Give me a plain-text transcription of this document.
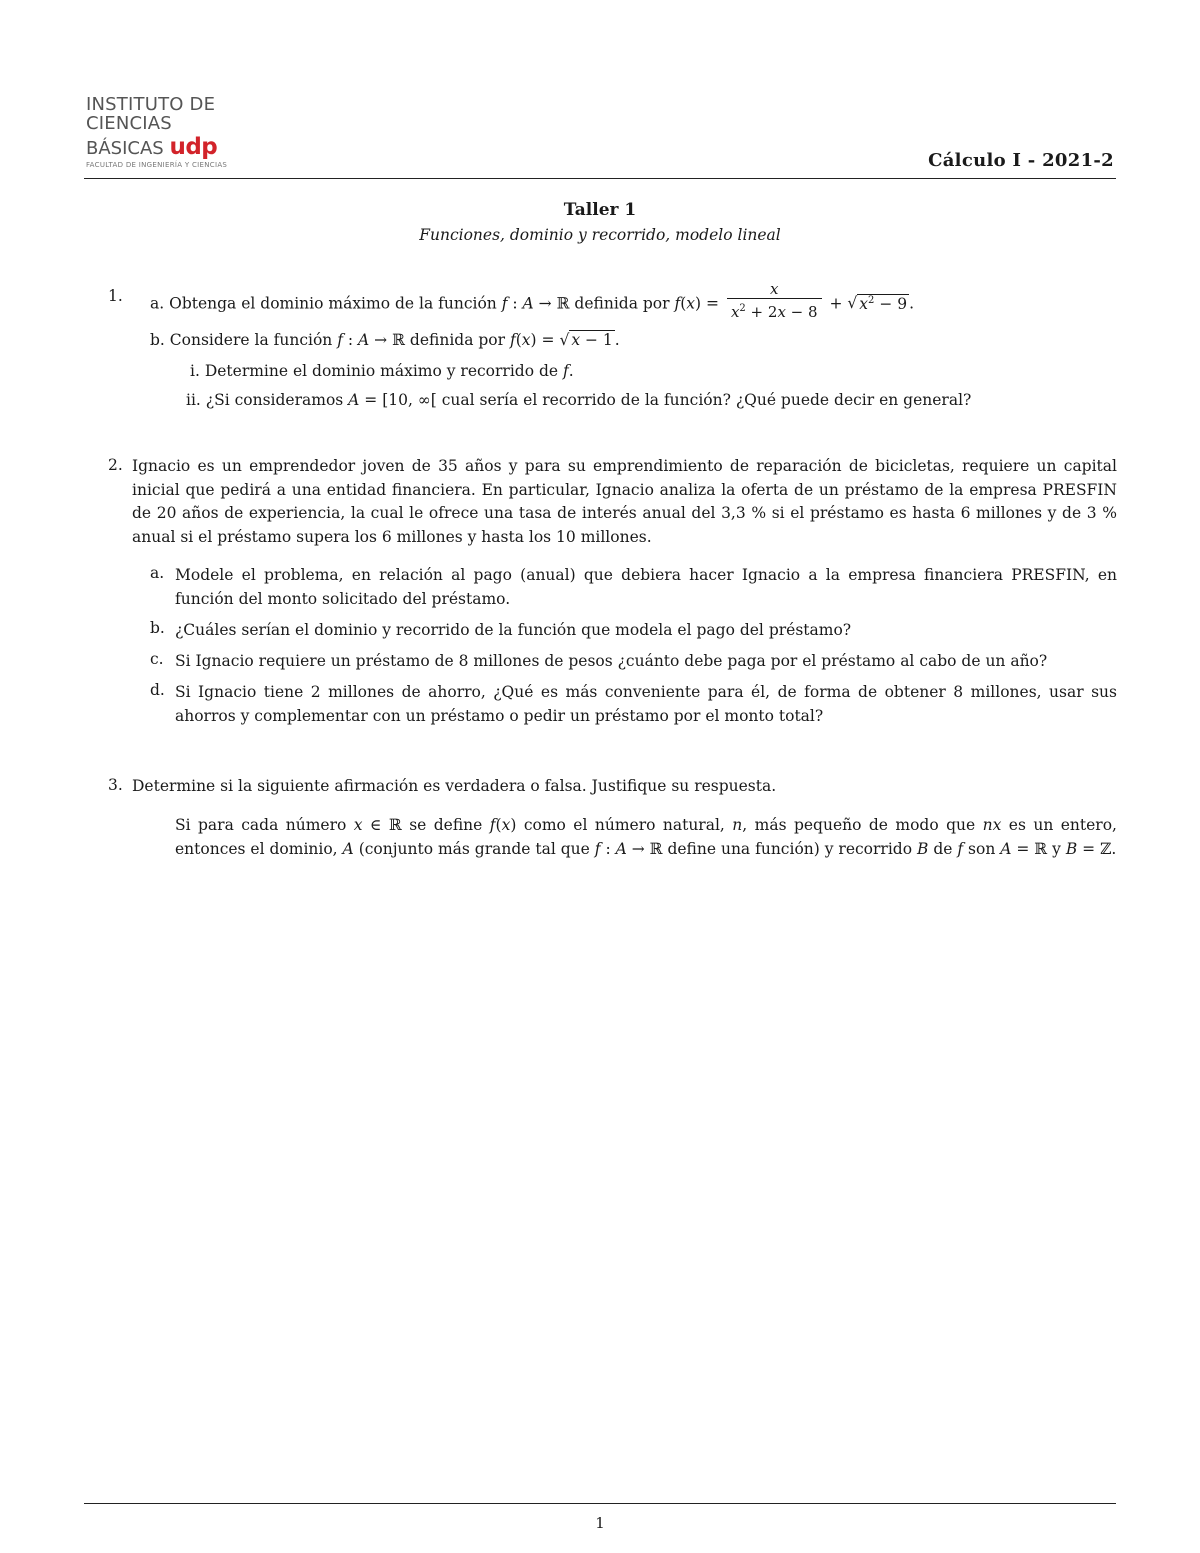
INSTITUTO DE CIENCIAS
BÁSICAS udp
FACULTAD DE INGENIERÍA Y CIENCIAS	Cálculo I - 2021-2
Taller 1
Funciones, dominio y recorrido, modelo lineal
1. a. Obtenga el dominio máximo de la función f : A → ℝ definida por $f(x) = \frac{x}{x^2 + 2x - 8}$ + √ $x^2 - 9$ .
b. Considere la función f : A → ℝ definida por f(x) = √ x − 1 .
i. Determine el dominio máximo y recorrido de f.
ii. ¿Si consideramos A = [10, ∞[ cual sería el recorrido de la función? ¿Qué puede decir en general?
2. Ignacio es un emprendedor joven de 35 años y para su emprendimiento de reparación de bicicletas, requiere un capital inicial que pedirá a una entidad financiera. En particular, Ignacio analiza la oferta de un préstamo de la empresa PRESFIN de 20 años de experiencia, la cual le ofrece una tasa de interés anual del 3,3 % si el préstamo es hasta 6 millones y de 3 % anual si el préstamo supera los 6 millones y hasta los 10 millones.
a. Modele el problema, en relación al pago (anual) que debiera hacer Ignacio a la empresa financiera PRESFIN, en función del monto solicitado del préstamo.
b. ¿Cuáles serían el dominio y recorrido de la función que modela el pago del préstamo?
c. Si Ignacio requiere un préstamo de 8 millones de pesos ¿cuánto debe paga por el préstamo al cabo de un año?
d. Si Ignacio tiene 2 millones de ahorro, ¿Qué es más conveniente para él, de forma de obtener 8 millones, usar sus ahorros y complementar con un préstamo o pedir un préstamo por el monto total?
3. Determine si la siguiente afirmación es verdadera o falsa. Justifique su respuesta.
Si para cada número x ∈ ℝ se define f(x) como el número natural, n, más pequeño de modo que nx es un entero, entonces el dominio, A (conjunto más grande tal que f : A → ℝ define una función) y recorrido B de f son A = ℝ y B = ℤ.
1
